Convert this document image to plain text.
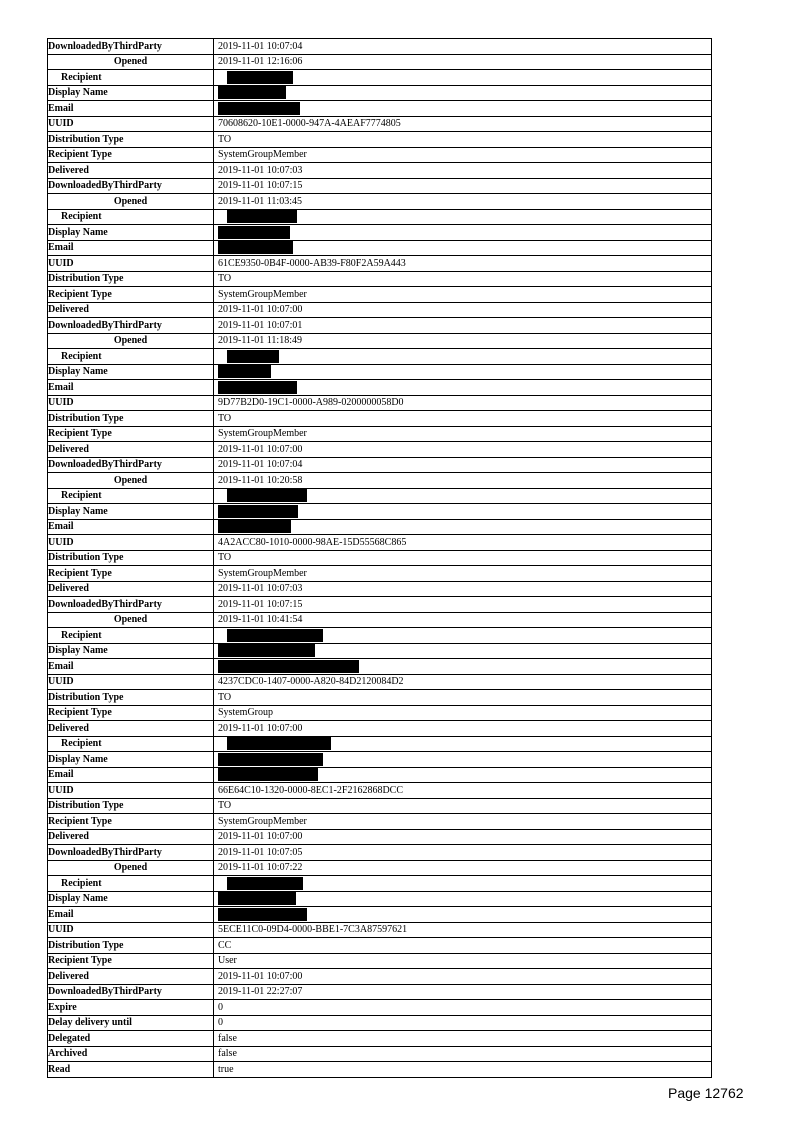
DownloadedByThirdParty	2019-11-01 10:07:04
Opened	2019-11-01 12:16:06
Recipient	
Display Name	
Email	
UUID	70608620-10E1-0000-947A-4AEAF7774805
Distribution Type	TO
Recipient Type	SystemGroupMember
Delivered	2019-11-01 10:07:03
DownloadedByThirdParty	2019-11-01 10:07:15
Opened	2019-11-01 11:03:45
Recipient	
Display Name	
Email	
UUID	61CE9350-0B4F-0000-AB39-F80F2A59A443
Distribution Type	TO
Recipient Type	SystemGroupMember
Delivered	2019-11-01 10:07:00
DownloadedByThirdParty	2019-11-01 10:07:01
Opened	2019-11-01 11:18:49
Recipient	
Display Name	
Email	
UUID	9D77B2D0-19C1-0000-A989-0200000058D0
Distribution Type	TO
Recipient Type	SystemGroupMember
Delivered	2019-11-01 10:07:00
DownloadedByThirdParty	2019-11-01 10:07:04
Opened	2019-11-01 10:20:58
Recipient	
Display Name	
Email	
UUID	4A2ACC80-1010-0000-98AE-15D55568C865
Distribution Type	TO
Recipient Type	SystemGroupMember
Delivered	2019-11-01 10:07:03
DownloadedByThirdParty	2019-11-01 10:07:15
Opened	2019-11-01 10:41:54
Recipient	
Display Name	
Email	
UUID	4237CDC0-1407-0000-A820-84D2120084D2
Distribution Type	TO
Recipient Type	SystemGroup
Delivered	2019-11-01 10:07:00
Recipient	
Display Name	
Email	
UUID	66E64C10-1320-0000-8EC1-2F2162868DCC
Distribution Type	TO
Recipient Type	SystemGroupMember
Delivered	2019-11-01 10:07:00
DownloadedByThirdParty	2019-11-01 10:07:05
Opened	2019-11-01 10:07:22
Recipient	
Display Name	
Email	
UUID	5ECE11C0-09D4-0000-BBE1-7C3A87597621
Distribution Type	CC
Recipient Type	User
Delivered	2019-11-01 10:07:00
DownloadedByThirdParty	2019-11-01 22:27:07
Expire	0
Delay delivery until	0
Delegated	false
Archived	false
Read	true
Page 12762
